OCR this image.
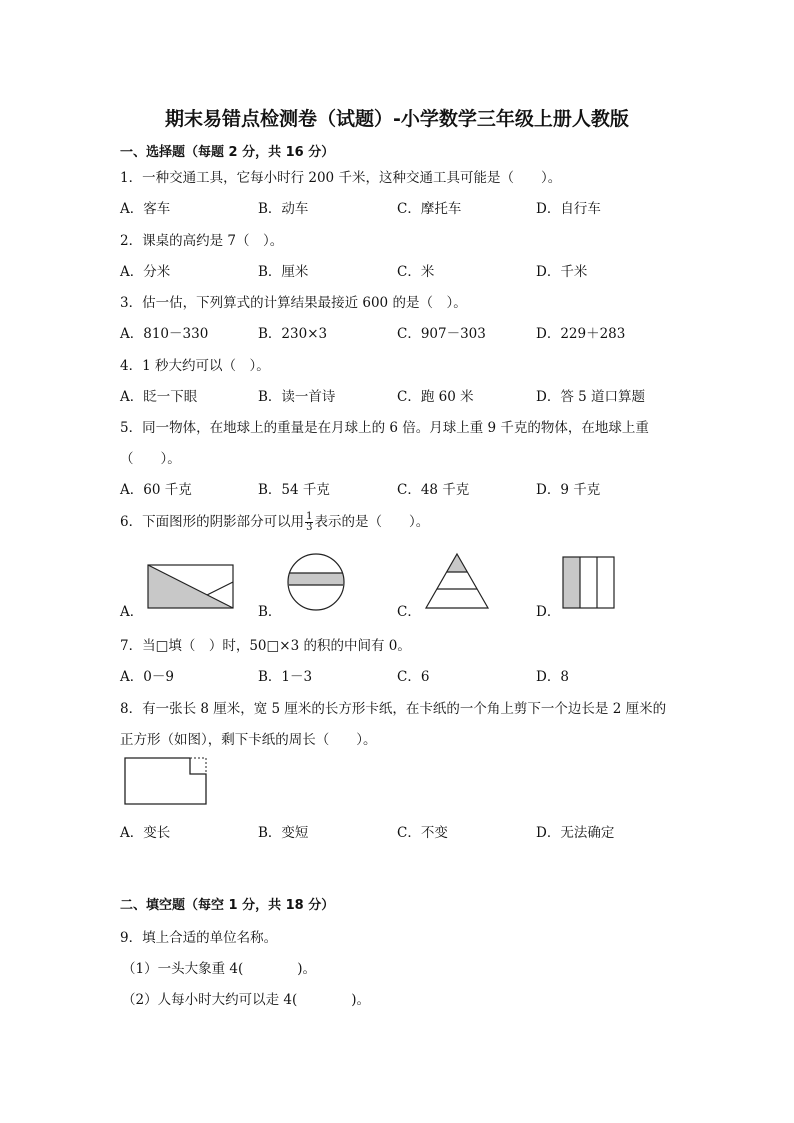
期末易错点检测卷（试题）-小学数学三年级上册人教版
一、选择题（每题 2 分，共 16 分）
1．一种交通工具，它每小时行 200 千米，这种交通工具可能是（　　）。
A．客车	B．动车	C．摩托车	D．自行车
2．课桌的高约是 7（　）。
A．分米	B．厘米	C．米	D．千米
3．估一估，下列算式的计算结果最接近 600 的是（　）。
A．810－330	B．230×3	C．907－303	D．229＋283
4．1 秒大约可以（　）。
A．眨一下眼	B．读一首诗	C．跑 60 米	D．答 5 道口算题
5．同一物体，在地球上的重量是在月球上的 6 倍。月球上重 9 千克的物体，在地球上重
（　　）。
A．60 千克	B．54 千克	C．48 千克	D．9 千克
6．下面图形的阴影部分可以用 $\frac{1}{3}$ 表示的是（　　）。
A．	B．	C．	D．
7．当□填（　）时，50□×3 的积的中间有 0。
A．0－9	B．1－3	C．6	D．8
8．有一张长 8 厘米，宽 5 厘米的长方形卡纸，在卡纸的一个角上剪下一个边长是 2 厘米的
正方形（如图），剩下卡纸的周长（　　）。
A．变长	B．变短	C．不变	D．无法确定
二、填空题（每空 1 分，共 18 分）
9．填上合适的单位名称。
（1）一头大象重 4(　　　　)。
（2）人每小时大约可以走 4(　　　　)。
